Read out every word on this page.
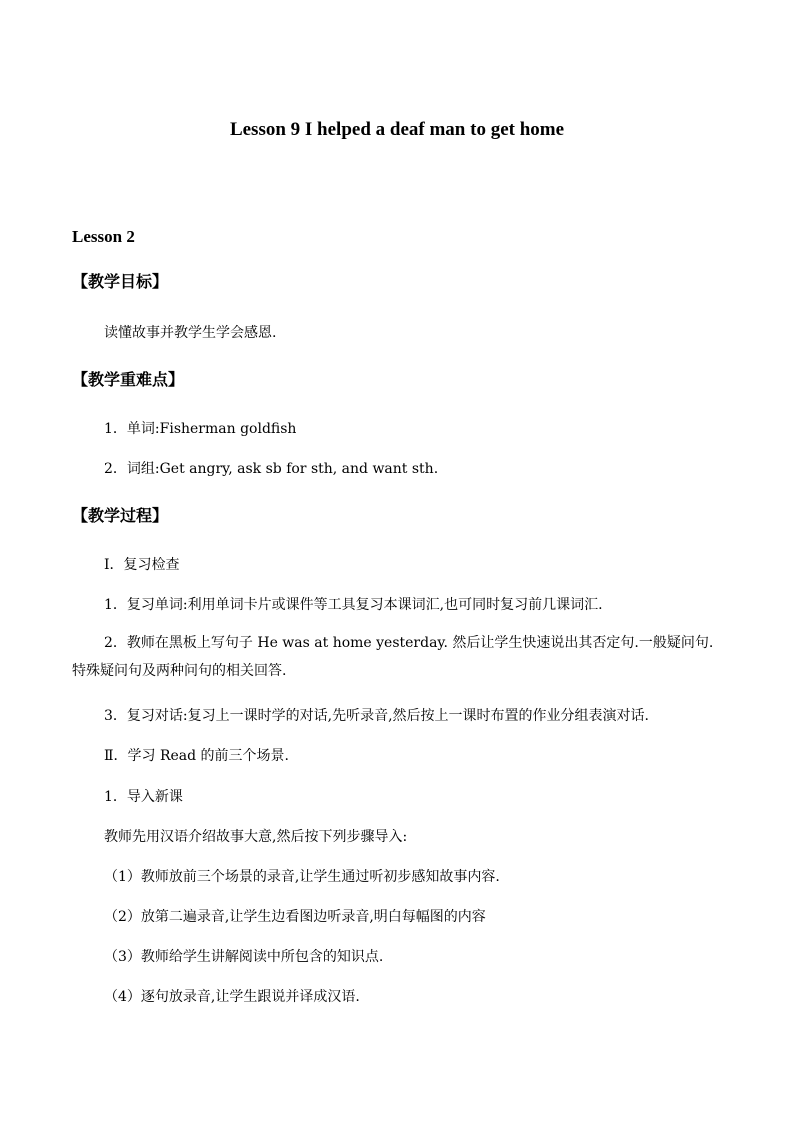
Lesson 9 I helped a deaf man to get home
Lesson 2
【教学目标】
读懂故事并教学生学会感恩.
【教学重难点】
1．单词:Fisherman goldfish
2．词组:Get angry, ask sb for sth, and want sth.
【教学过程】
Ⅰ．复习检查
1．复习单词:利用单词卡片或课件等工具复习本课词汇,也可同时复习前几课词汇.
2．教师在黑板上写句子 He was at home yesterday. 然后让学生快速说出其否定句.一般疑问句.特殊疑问句及两种问句的相关回答.
3．复习对话:复习上一课时学的对话,先听录音,然后按上一课时布置的作业分组表演对话.
Ⅱ．学习 Read 的前三个场景.
1．导入新课
教师先用汉语介绍故事大意,然后按下列步骤导入:
（1）教师放前三个场景的录音,让学生通过听初步感知故事内容.
（2）放第二遍录音,让学生边看图边听录音,明白每幅图的内容
（3）教师给学生讲解阅读中所包含的知识点.
（4）逐句放录音,让学生跟说并译成汉语.
